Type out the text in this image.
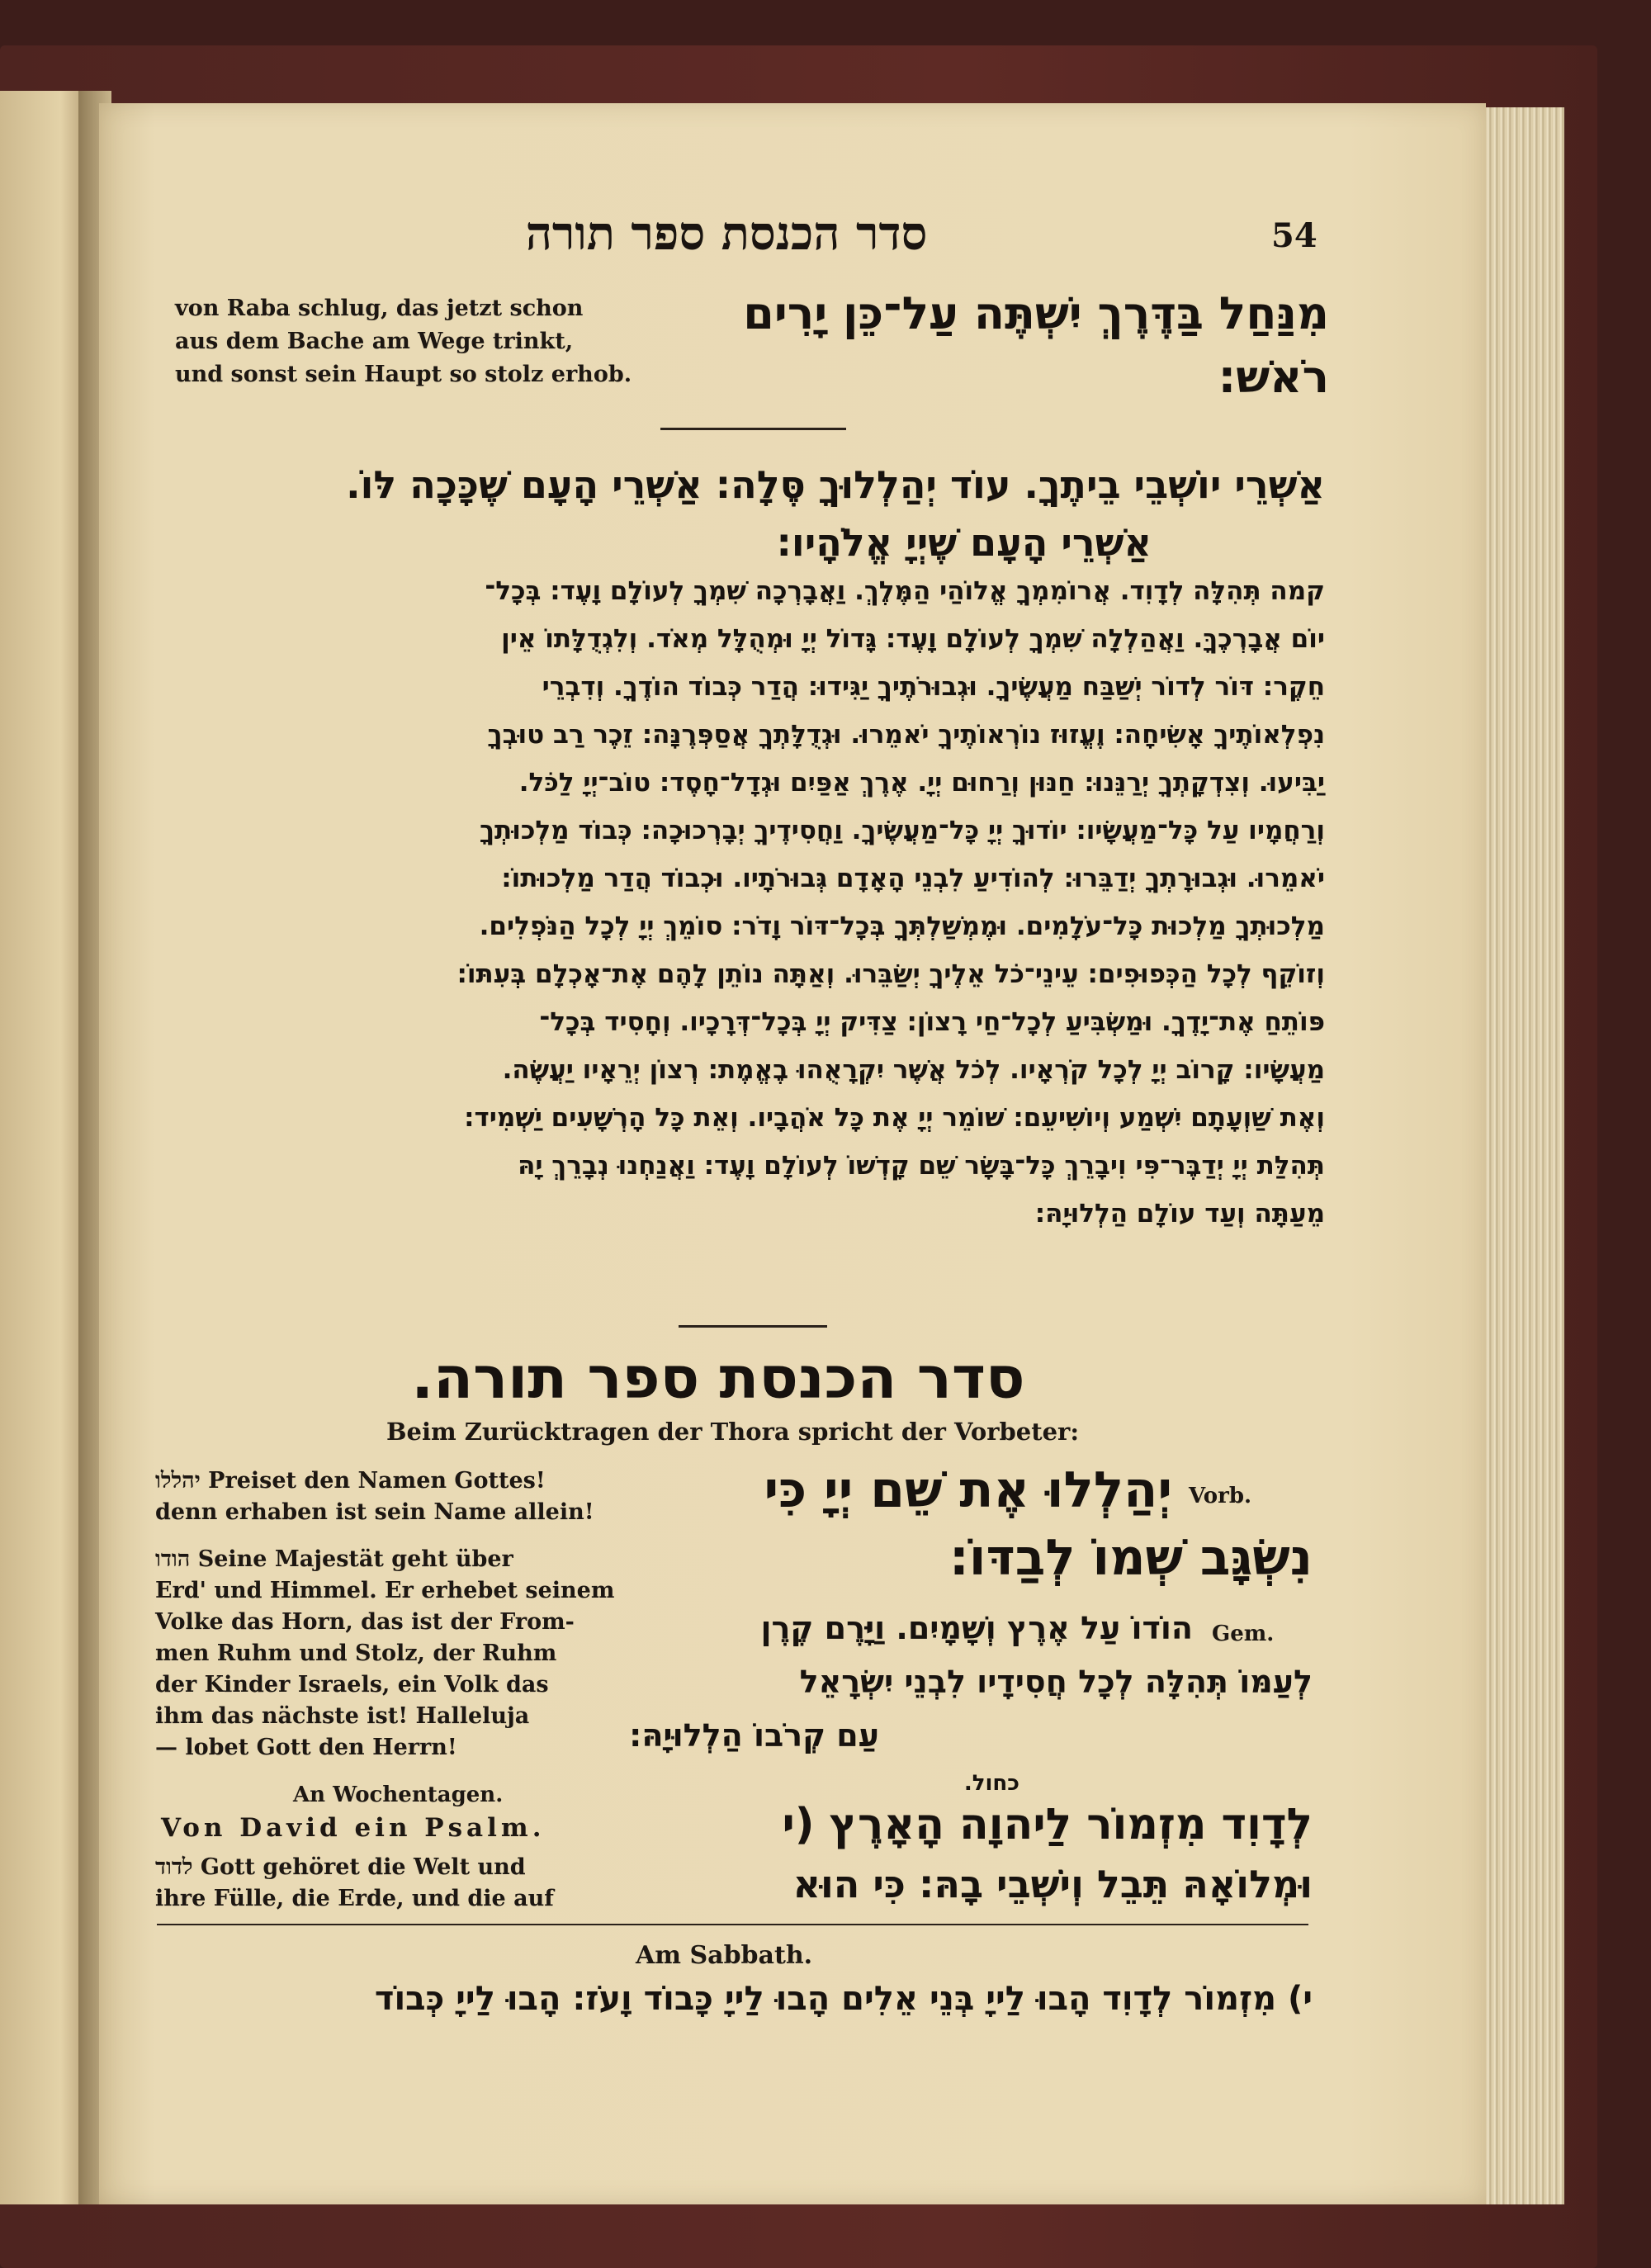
סדר הכנסת ספר תורה	54
von Raba schlug, das jetzt schon
aus dem Bache am Wege trinkt,
und sonst sein Haupt so stolz erhob.
מִנַּחַל בַּדֶּרֶךְ יִשְׁתֶּה עַל־כֵּן יָרִים
רֹאשׁ:
אַשְׁרֵי יוֹשְׁבֵי בֵיתֶךָ. עוֹד יְהַלְלוּךָ סֶּלָה: אַשְׁרֵי הָעָם שֶׁכָּכָה לּוֹ.
אַשְׁרֵי הָעָם שֶׁיְיָ אֱלֹהָיו:
קמה תְּהִלָּה לְדָוִד. אֲרוֹמִמְךָ אֱלוֹהַי הַמֶּלֶךְ. וַאֲבָרְכָה שִׁמְךָ לְעוֹלָם וָעֶד: בְּכָל־
יוֹם אֲבָרְכֶךָּ. וַאֲהַלְלָה שִׁמְךָ לְעוֹלָם וָעֶד: גָּדוֹל יְיָ וּמְהֻלָּל מְאֹד. וְלִגְדֻלָּתוֹ אֵין
חֵקֶר: דּוֹר לְדוֹר יְשַׁבַּח מַעֲשֶׂיךָ. וּגְבוּרֹתֶיךָ יַגִּידוּ: הֲדַר כְּבוֹד הוֹדֶךָ. וְדִבְרֵי
נִפְלְאוֹתֶיךָ אָשִׂיחָה: וֶעֱזוּז נוֹרְאוֹתֶיךָ יֹאמֵרוּ. וּגְדֻלָּתְךָ אֲסַפְּרֶנָּה: זֵכֶר רַב טוּבְךָ
יַבִּיעוּ. וְצִדְקָתְךָ יְרַנֵּנוּ: חַנּוּן וְרַחוּם יְיָ. אֶרֶךְ אַפַּיִם וּגְדָל־חָסֶד: טוֹב־יְיָ לַכֹּל.
וְרַחֲמָיו עַל כָּל־מַעֲשָׂיו: יוֹדוּךָ יְיָ כָּל־מַעֲשֶׂיךָ. וַחֲסִידֶיךָ יְבָרְכוּכָה: כְּבוֹד מַלְכוּתְךָ
יֹאמֵרוּ. וּגְבוּרָתְךָ יְדַבֵּרוּ: לְהוֹדִיעַ לִבְנֵי הָאָדָם גְּבוּרֹתָיו. וּכְבוֹד הֲדַר מַלְכוּתוֹ:
מַלְכוּתְךָ מַלְכוּת כָּל־עֹלָמִים. וּמֶמְשַׁלְתְּךָ בְּכָל־דּוֹר וָדֹר: סוֹמֵךְ יְיָ לְכָל הַנֹּפְלִים.
וְזוֹקֵף לְכָל הַכְּפוּפִים: עֵינֵי־כֹל אֵלֶיךָ יְשַׂבֵּרוּ. וְאַתָּה נוֹתֵן לָהֶם אֶת־אָכְלָם בְּעִתּוֹ:
פּוֹתֵחַ אֶת־יָדֶךָ. וּמַשְׂבִּיעַ לְכָל־חַי רָצוֹן: צַדִּיק יְיָ בְּכָל־דְּרָכָיו. וְחָסִיד בְּכָל־
מַעֲשָׂיו: קָרוֹב יְיָ לְכָל קֹרְאָיו. לְכֹל אֲשֶׁר יִקְרָאֻהוּ בֶאֱמֶת: רְצוֹן יְרֵאָיו יַעֲשֶׂה.
וְאֶת שַׁוְעָתָם יִשְׁמַע וְיוֹשִׁיעֵם: שׁוֹמֵר יְיָ אֶת כָּל אֹהֲבָיו. וְאֵת כָּל הָרְשָׁעִים יַשְׁמִיד:
תְּהִלַּת יְיָ יְדַבֶּר־פִּי וִיבָרֵךְ כָּל־בָּשָׂר שֵׁם קָדְשׁוֹ לְעוֹלָם וָעֶד: וַאֲנַחְנוּ נְבָרֵךְ יָהּ
מֵעַתָּה וְעַד עוֹלָם הַלְלוּיָהּ:
סדר הכנסת ספר תורה.
Beim Zurücktragen der Thora spricht der Vorbeter:
יהללו Preiset den Namen Gottes!
denn erhaben ist sein Name allein!
הודו Seine Majestät geht über
Erd' und Himmel. Er erhebet seinem
Volke das Horn, das ist der From-
men Ruhm und Stolz, der Ruhm
der Kinder Israels, ein Volk das
ihm das nächste ist! Halleluja
— lobet Gott den Herrn!
An Wochentagen.
Von David ein Psalm.
לדוד Gott gehöret die Welt und
ihre Fülle, die Erde, und die auf
Vorb.
יְהַלְלוּ אֶת שֵׁם יְיָ כִּי
נִשְׂגָּב שְׁמוֹ לְבַדּוֹ:
Gem.
הוֹדוֹ עַל אֶרֶץ וְשָׁמָיִם. וַיָּרֶם קֶרֶן
לְעַמּוֹ תְּהִלָּה לְכָל חֲסִידָיו לִבְנֵי יִשְׂרָאֵל
עַם קְרֹבוֹ הַלְלוּיָהּ:
כחול.
לְדָוִד מִזְמוֹר לַיהוָה הָאָרֶץ (י
וּמְלוֹאָהּ תֵּבֵל וְיֹשְׁבֵי בָהּ: כִּי הוּא
Am Sabbath.
י) מִזְמוֹר לְדָוִד הָבוּ לַייָ בְּנֵי אֵלִים הָבוּ לַייָ כָּבוֹד וָעֹז: הָבוּ לַייָ כְּבוֹד
